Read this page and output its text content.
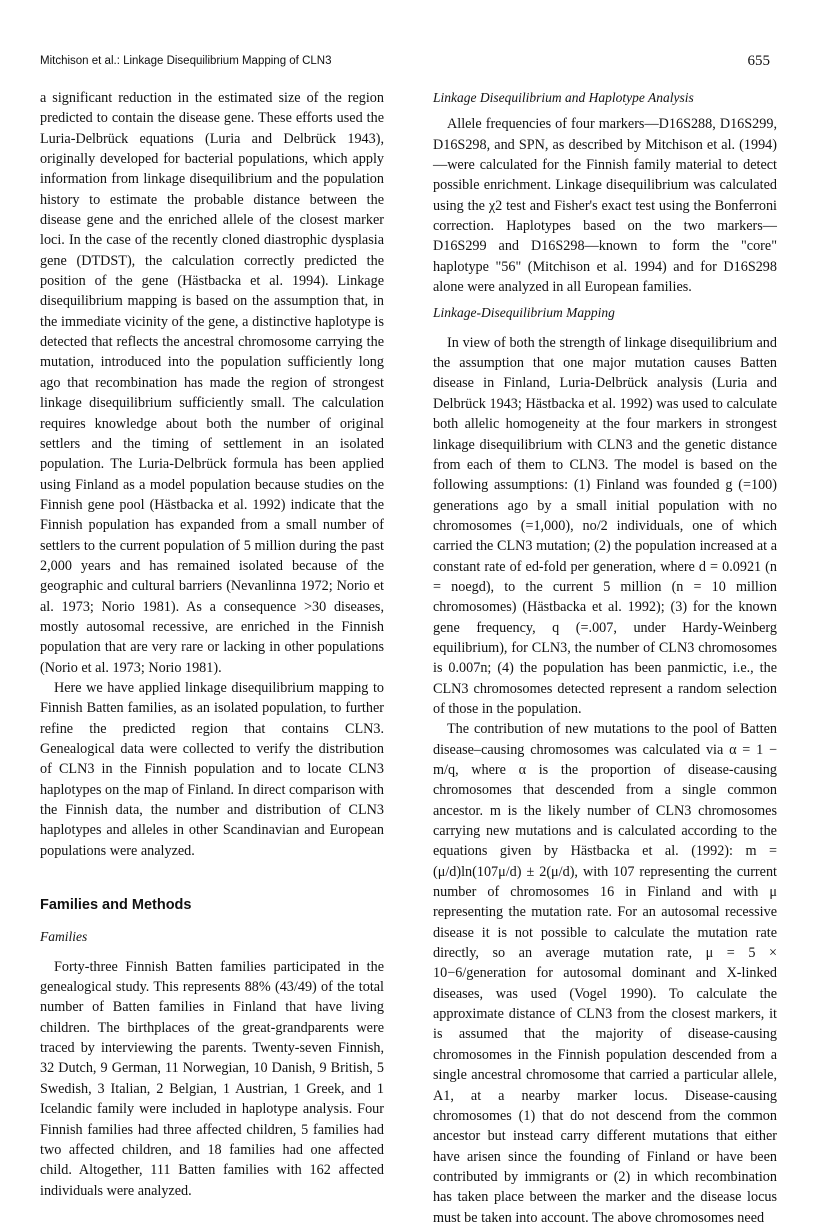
Mitchison et al.: Linkage Disequilibrium Mapping of CLN3	655

a significant reduction in the estimated size of the region predicted to contain the disease gene. These efforts used the Luria-Delbrück equations (Luria and Delbrück 1943), originally developed for bacterial populations, which apply information from linkage disequilibrium and the population history to estimate the probable distance between the disease gene and the enriched allele of the closest marker loci. In the case of the recently cloned diastrophic dysplasia gene (DTDST), the calculation correctly predicted the position of the gene (Hästbacka et al. 1994). Linkage disequilibrium mapping is based on the assumption that, in the immediate vicinity of the gene, a distinctive haplotype is detected that reflects the ancestral chromosome carrying the mutation, introduced into the population sufficiently long ago that recombination has made the region of strongest linkage disequilibrium sufficiently small. The calculation requires knowledge about both the number of original settlers and the timing of settlement in an isolated population. The Luria-Delbrück formula has been applied using Finland as a model population because studies on the Finnish gene pool (Hästbacka et al. 1992) indicate that the Finnish population has expanded from a small number of settlers to the current population of 5 million during the past 2,000 years and has remained isolated because of the geographic and cultural barriers (Nevanlinna 1972; Norio et al. 1973; Norio 1981). As a consequence >30 diseases, mostly autosomal recessive, are enriched in the Finnish population that are very rare or lacking in other populations (Norio et al. 1973; Norio 1981).

Here we have applied linkage disequilibrium mapping to Finnish Batten families, as an isolated population, to further refine the predicted region that contains CLN3. Genealogical data were collected to verify the distribution of CLN3 in the Finnish population and to locate CLN3 haplotypes on the map of Finland. In direct comparison with the Finnish data, the number and distribution of CLN3 haplotypes and alleles in other Scandinavian and European populations were analyzed.

Families and Methods
Families

Forty-three Finnish Batten families participated in the genealogical study. This represents 88% (43/49) of the total number of Batten families in Finland that have living children. The birthplaces of the great-grandparents were traced by interviewing the parents. Twenty-seven Finnish, 32 Dutch, 9 German, 11 Norwegian, 10 Danish, 9 British, 5 Swedish, 3 Italian, 2 Belgian, 1 Austrian, 1 Greek, and 1 Icelandic family were included in haplotype analysis. Four Finnish families had three affected children, 5 families had two affected children, and 18 families had one affected child. Altogether, 111 Batten families with 162 affected individuals were analyzed.

Linkage Disequilibrium and Haplotype Analysis

Allele frequencies of four markers—D16S288, D16S299, D16S298, and SPN, as described by Mitchison et al. (1994)—were calculated for the Finnish family material to detect possible enrichment. Linkage disequilibrium was calculated using the χ2 test and Fisher's exact test using the Bonferroni correction. Haplotypes based on the two markers—D16S299 and D16S298—known to form the "core" haplotype "56" (Mitchison et al. 1994) and for D16S298 alone were analyzed in all European families.

Linkage-Disequilibrium Mapping

In view of both the strength of linkage disequilibrium and the assumption that one major mutation causes Batten disease in Finland, Luria-Delbrück analysis (Luria and Delbrück 1943; Hästbacka et al. 1992) was used to calculate both allelic homogeneity at the four markers in strongest linkage disequilibrium with CLN3 and the genetic distance from each of them to CLN3. The model is based on the following assumptions: (1) Finland was founded g (=100) generations ago by a small initial population with no chromosomes (=1,000), no/2 individuals, one of which carried the CLN3 mutation; (2) the population increased at a constant rate of ed-fold per generation, where d = 0.0921 (n = noegd), to the current 5 million (n = 10 million chromosomes) (Hästbacka et al. 1992); (3) for the known gene frequency, q (=.007, under Hardy-Weinberg equilibrium), for CLN3, the number of CLN3 chromosomes is 0.007n; (4) the population has been panmictic, i.e., the CLN3 chromosomes detected represent a random selection of those in the population.

The contribution of new mutations to the pool of Batten disease–causing chromosomes was calculated via α = 1 − m/q, where α is the proportion of disease-causing chromosomes that descended from a single common ancestor. m is the likely number of CLN3 chromosomes carrying new mutations and is calculated according to the equations given by Hästbacka et al. (1992): m = (μ/d)ln(107μ/d) ± 2(μ/d), with 107 representing the current number of chromosomes 16 in Finland and with μ representing the mutation rate. For an autosomal recessive disease it is not possible to calculate the mutation rate directly, so an average mutation rate, μ = 5 × 10−6/generation for autosomal dominant and X-linked diseases, was used (Vogel 1990). To calculate the approximate distance of CLN3 from the closest markers, it is assumed that the majority of disease-causing chromosomes in the Finnish population descended from a single ancestral chromosome that carried a particular allele, A1, at a nearby marker locus. Disease-causing chromosomes (1) that do not descend from the common ancestor but instead carry different mutations that either have arisen since the founding of Finland or have been contributed by immigrants or (2) in which recombination has taken place between the marker and the disease locus must be taken into account. The above chromosomes need
